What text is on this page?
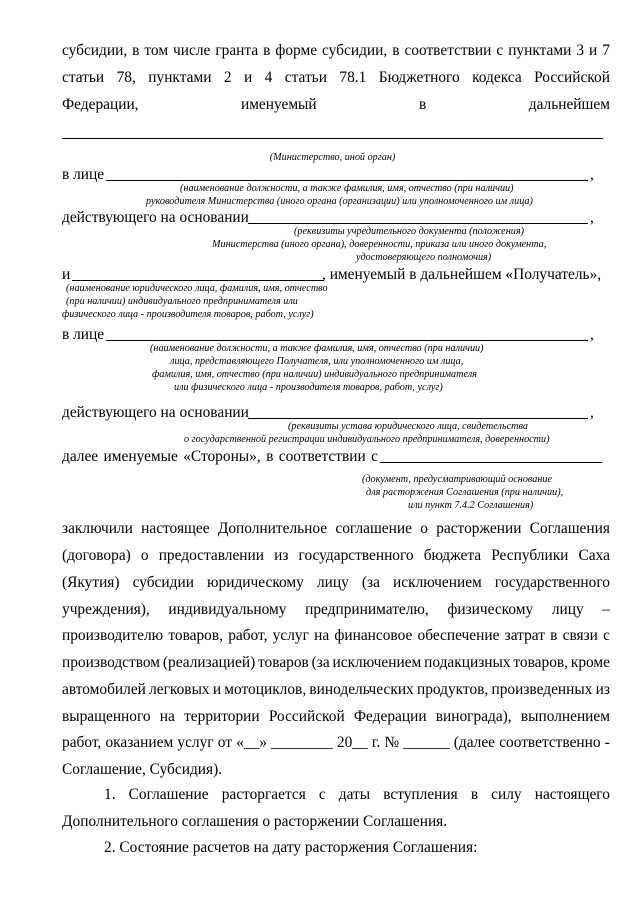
субсидии, в том числе гранта в форме субсидии, в соответствии с пунктами 3 и 7
статьи 78, пунктами 2 и 4 статьи 78.1 Бюджетного кодекса Российской
Федерации,	именуемый	в	дальнейшем
(Министерство, иной орган)
в лице	,
(наименование должности, а также фамилия, имя, отчество (при наличии)
руководителя Министерства (иного органа (организации) или уполномоченного им лица)
действующего на основании	,
(реквизиты учредительного документа (положения)
Министерства (иного органа), доверенности, приказа или иного документа,
удостоверяющего полномочия)
и	, именуемый в дальнейшем «Получатель»,
(наименование юридического лица, фамилия, имя, отчество
(при наличии) индивидуального предпринимателя или
физического лица - производителя товаров, работ, услуг)
в лице	,
(наименование должности, а также фамилия, имя, отчество (при наличии)
лица, представляющего Получателя, или уполномоченного им лица,
фамилия, имя, отчество (при наличии) индивидуального предпринимателя
или физического лица - производителя товаров, работ, услуг)
действующего на основании	,
(реквизиты устава юридического лица, свидетельства
о государственной регистрации индивидуального предпринимателя, доверенности)
далее именуемые «Стороны», в соответствии с
(документ, предусматривающий основание
для расторжения Соглашения (при наличии),
или пункт 7.4.2 Соглашения)
заключили настоящее Дополнительное соглашение о расторжении Соглашения
(договора) о предоставлении из государственного бюджета Республики Саха
(Якутия) субсидии юридическому лицу (за исключением государственного
учреждения), индивидуальному предпринимателю, физическому лицу –
производителю товаров, работ, услуг на финансовое обеспечение затрат в связи с
производством (реализацией) товаров (за исключением подакцизных товаров, кроме
автомобилей легковых и мотоциклов, винодельческих продуктов, произведенных из
выращенного на территории Российской Федерации винограда), выполнением
работ, оказанием услуг от «__» ________ 20__ г. № ______ (далее соответственно -
Соглашение, Субсидия).
1. Соглашение расторгается с даты вступления в силу настоящего
Дополнительного соглашения о расторжении Соглашения.
2. Состояние расчетов на дату расторжения Соглашения:
